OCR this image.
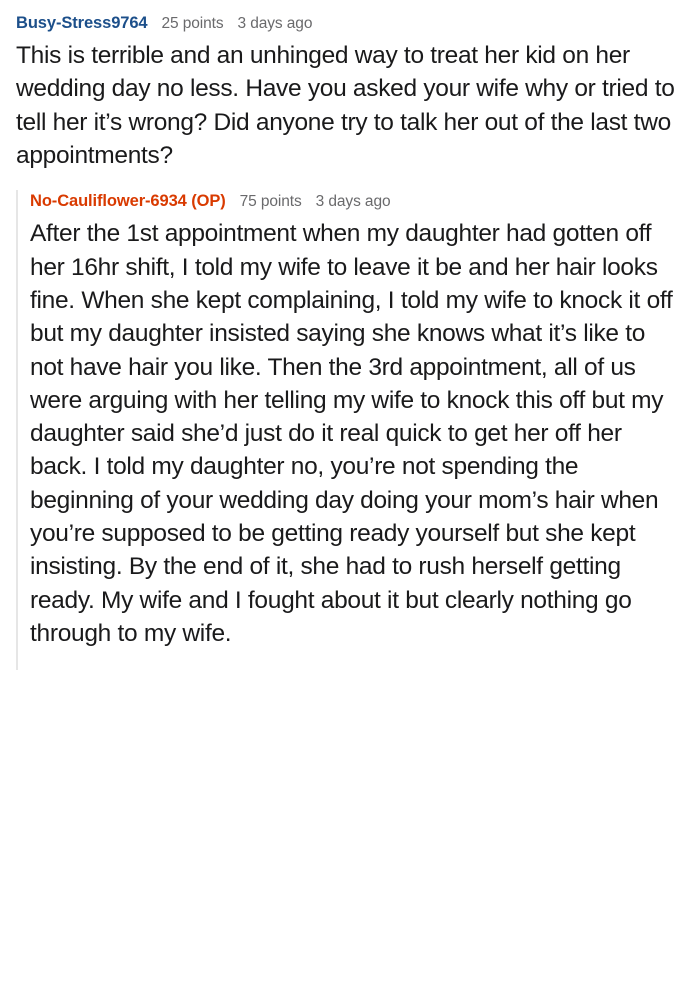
Busy-Stress9764 25 points 3 days ago
This is terrible and an unhinged way to treat her kid on her wedding day no less. Have you asked your wife why or tried to tell her it’s wrong? Did anyone try to talk her out of the last two appointments?
No-Cauliflower-6934 (OP) 75 points 3 days ago
After the 1st appointment when my daughter had gotten off her 16hr shift, I told my wife to leave it be and her hair looks fine. When she kept complaining, I told my wife to knock it off but my daughter insisted saying she knows what it’s like to not have hair you like. Then the 3rd appointment, all of us were arguing with her telling my wife to knock this off but my daughter said she’d just do it real quick to get her off her back. I told my daughter no, you’re not spending the beginning of your wedding day doing your mom’s hair when you’re supposed to be getting ready yourself but she kept insisting. By the end of it, she had to rush herself getting ready. My wife and I fought about it but clearly nothing go through to my wife.
